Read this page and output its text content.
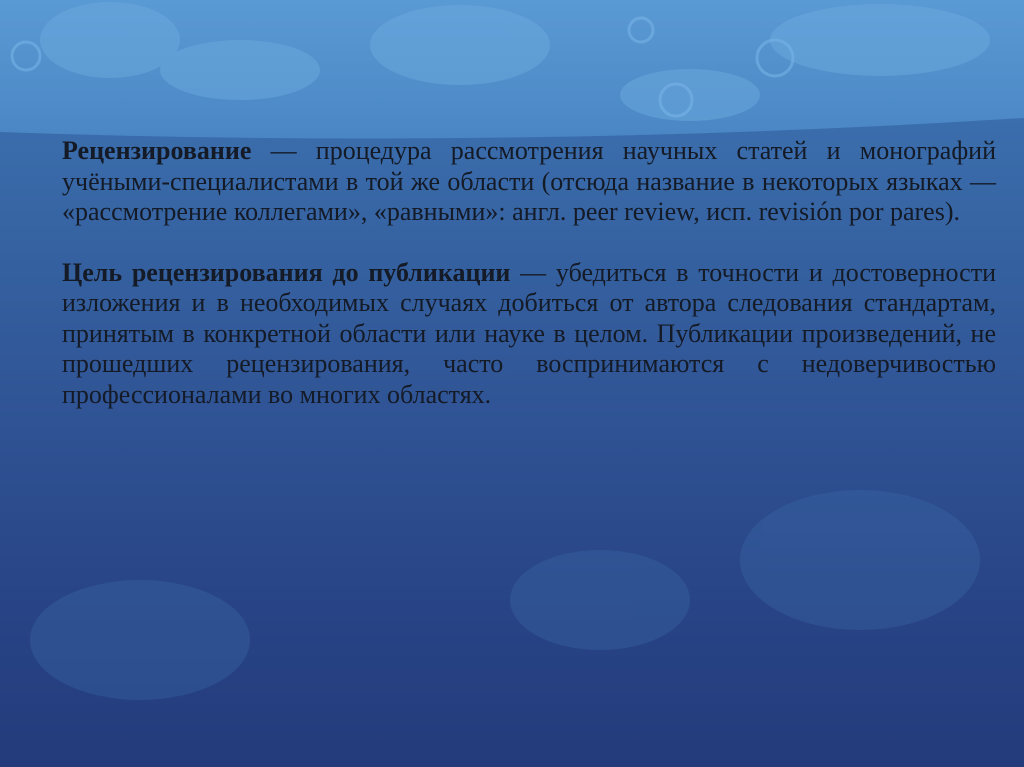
Рецензирование — процедура рассмотрения научных статей и монографий учёными-специалистами в той же области (отсюда название в некоторых языках — «рассмотрение коллегами», «равными»: англ. peer review, исп. revisión por pares).

Цель рецензирования до публикации — убедиться в точности и достоверности изложения и в необходимых случаях добиться от автора следования стандартам, принятым в конкретной области или науке в целом. Публикации произведений, не прошедших рецензирования, часто воспринимаются с недоверчивостью профессионалами во многих областях.
